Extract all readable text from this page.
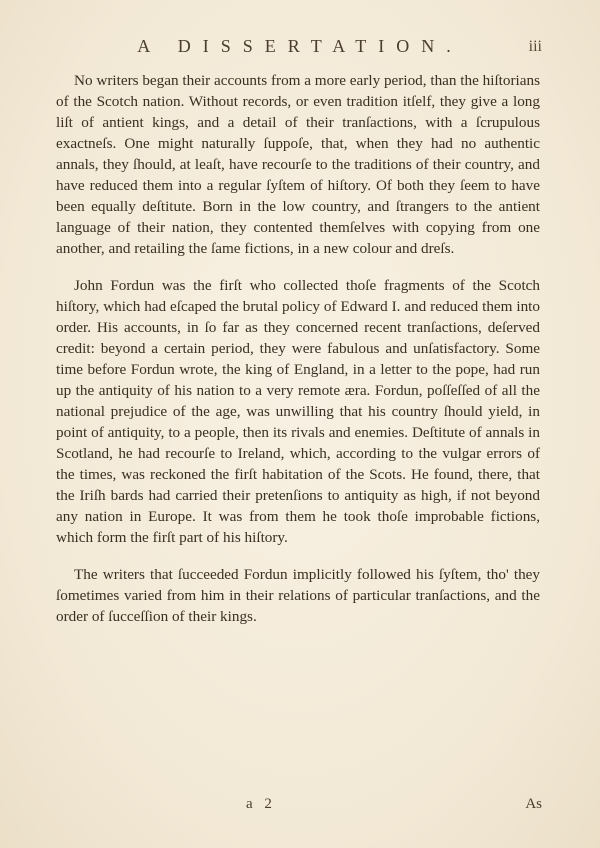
A DISSERTATION.	iii

No writers began their accounts from a more early period, than the hiſtorians of the Scotch nation. Without records, or even tradition itſelf, they give a long liſt of antient kings, and a detail of their tranſactions, with a ſcrupulous exactneſs. One might naturally ſuppoſe, that, when they had no authentic annals, they ſhould, at leaſt, have recourſe to the traditions of their country, and have reduced them into a regular ſyſtem of hiſtory. Of both they ſeem to have been equally deſtitute. Born in the low country, and ſtrangers to the antient language of their nation, they contented themſelves with copying from one another, and retailing the ſame fictions, in a new colour and dreſs.

John Fordun was the firſt who collected thoſe fragments of the Scotch hiſtory, which had eſcaped the brutal policy of Edward I. and reduced them into order. His accounts, in ſo far as they concerned recent tranſactions, deſerved credit: beyond a certain period, they were fabulous and unſatisfactory. Some time before Fordun wrote, the king of England, in a letter to the pope, had run up the antiquity of his nation to a very remote æra. Fordun, poſſeſſed of all the national prejudice of the age, was unwilling that his country ſhould yield, in point of antiquity, to a people, then its rivals and enemies. Deſtitute of annals in Scotland, he had recourſe to Ireland, which, according to the vulgar errors of the times, was reckoned the firſt habitation of the Scots. He found, there, that the Iriſh bards had carried their pretenſions to antiquity as high, if not beyond any nation in Europe. It was from them he took thoſe improbable fictions, which form the firſt part of his hiſtory.

The writers that ſucceeded Fordun implicitly followed his ſyſtem, tho' they ſometimes varied from him in their relations of particular tranſactions, and the order of ſucceſſion of their kings.

a 2	As
